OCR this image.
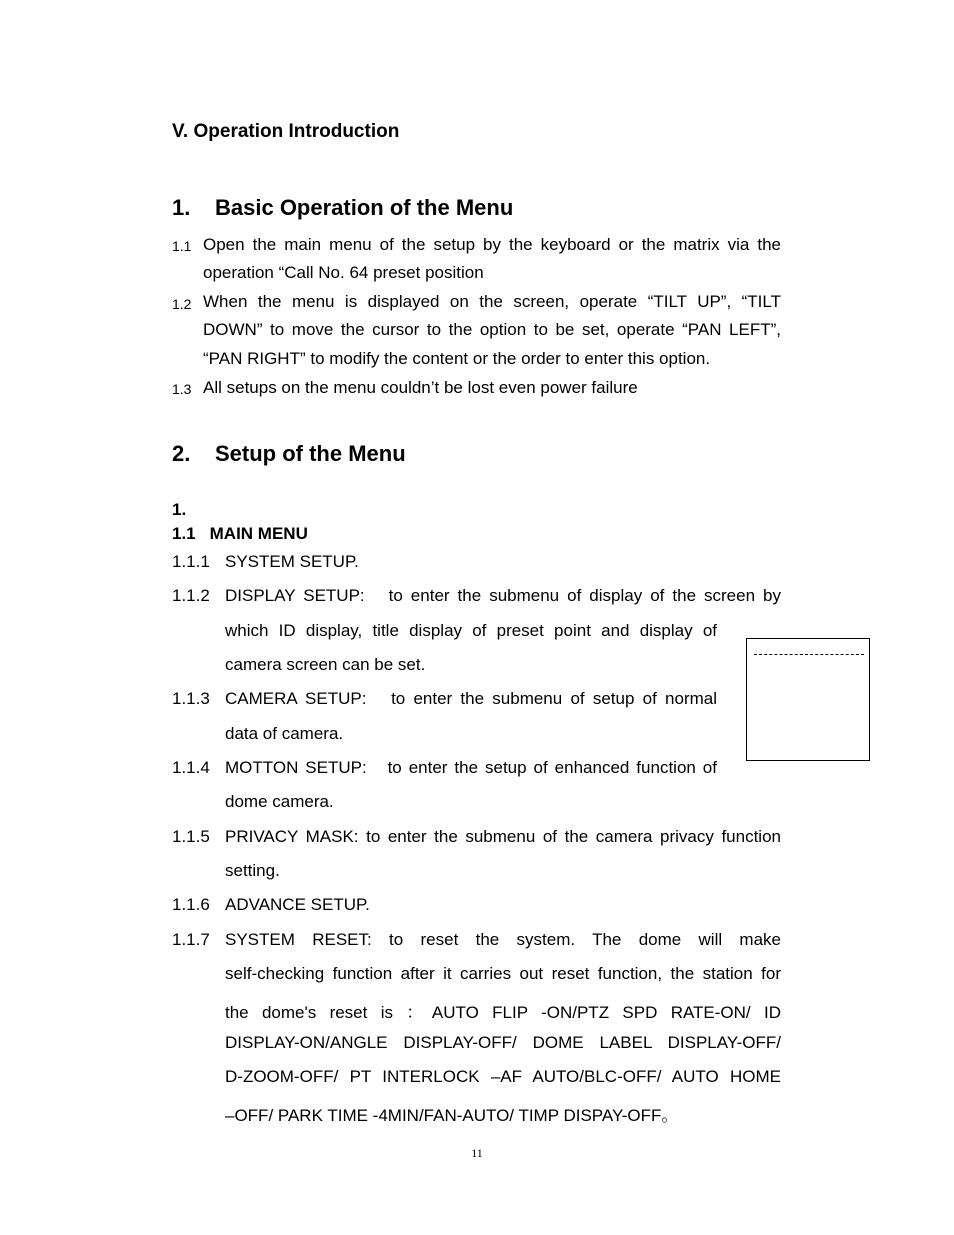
V. Operation Introduction
1. Basic Operation of the Menu
1.1 Open the main menu of the setup by the keyboard or the matrix via the
operation “Call No. 64 preset position
1.2 When the menu is displayed on the screen, operate “TILT UP”, “TILT
DOWN” to move the cursor to the option to be set, operate “PAN LEFT”,
“PAN RIGHT” to modify the content or the order to enter this option.
1.3 All setups on the menu couldn’t be lost even power failure
2. Setup of the Menu
1.
1.1 MAIN MENU
1.1.1 SYSTEM SETUP.
1.1.2 DISPLAY SETUP:   to enter the submenu of display of the screen by
which ID display, title display of preset point and display of
camera screen can be set.
1.1.3 CAMERA SETUP:   to enter the submenu of setup of normal
data of camera.
1.1.4 MOTTON SETUP:   to enter the setup of enhanced function of
dome camera.
1.1.5 PRIVACY MASK: to enter the submenu of the camera privacy function
setting.
1.1.6 ADVANCE SETUP.
1.1.7 SYSTEM RESET: to reset the system. The dome will make
self-checking function after it carries out reset function, the station for
the dome's reset is ：AUTO FLIP -ON/PTZ SPD RATE-ON/ ID
DISPLAY-ON/ANGLE DISPLAY-OFF/ DOME LABEL DISPLAY-OFF/
D-ZOOM-OFF/ PT INTERLOCK –AF AUTO/BLC-OFF/ AUTO HOME
–OFF/ PARK TIME -4MIN/FAN-AUTO/ TIMP DISPAY-OFF。
11
